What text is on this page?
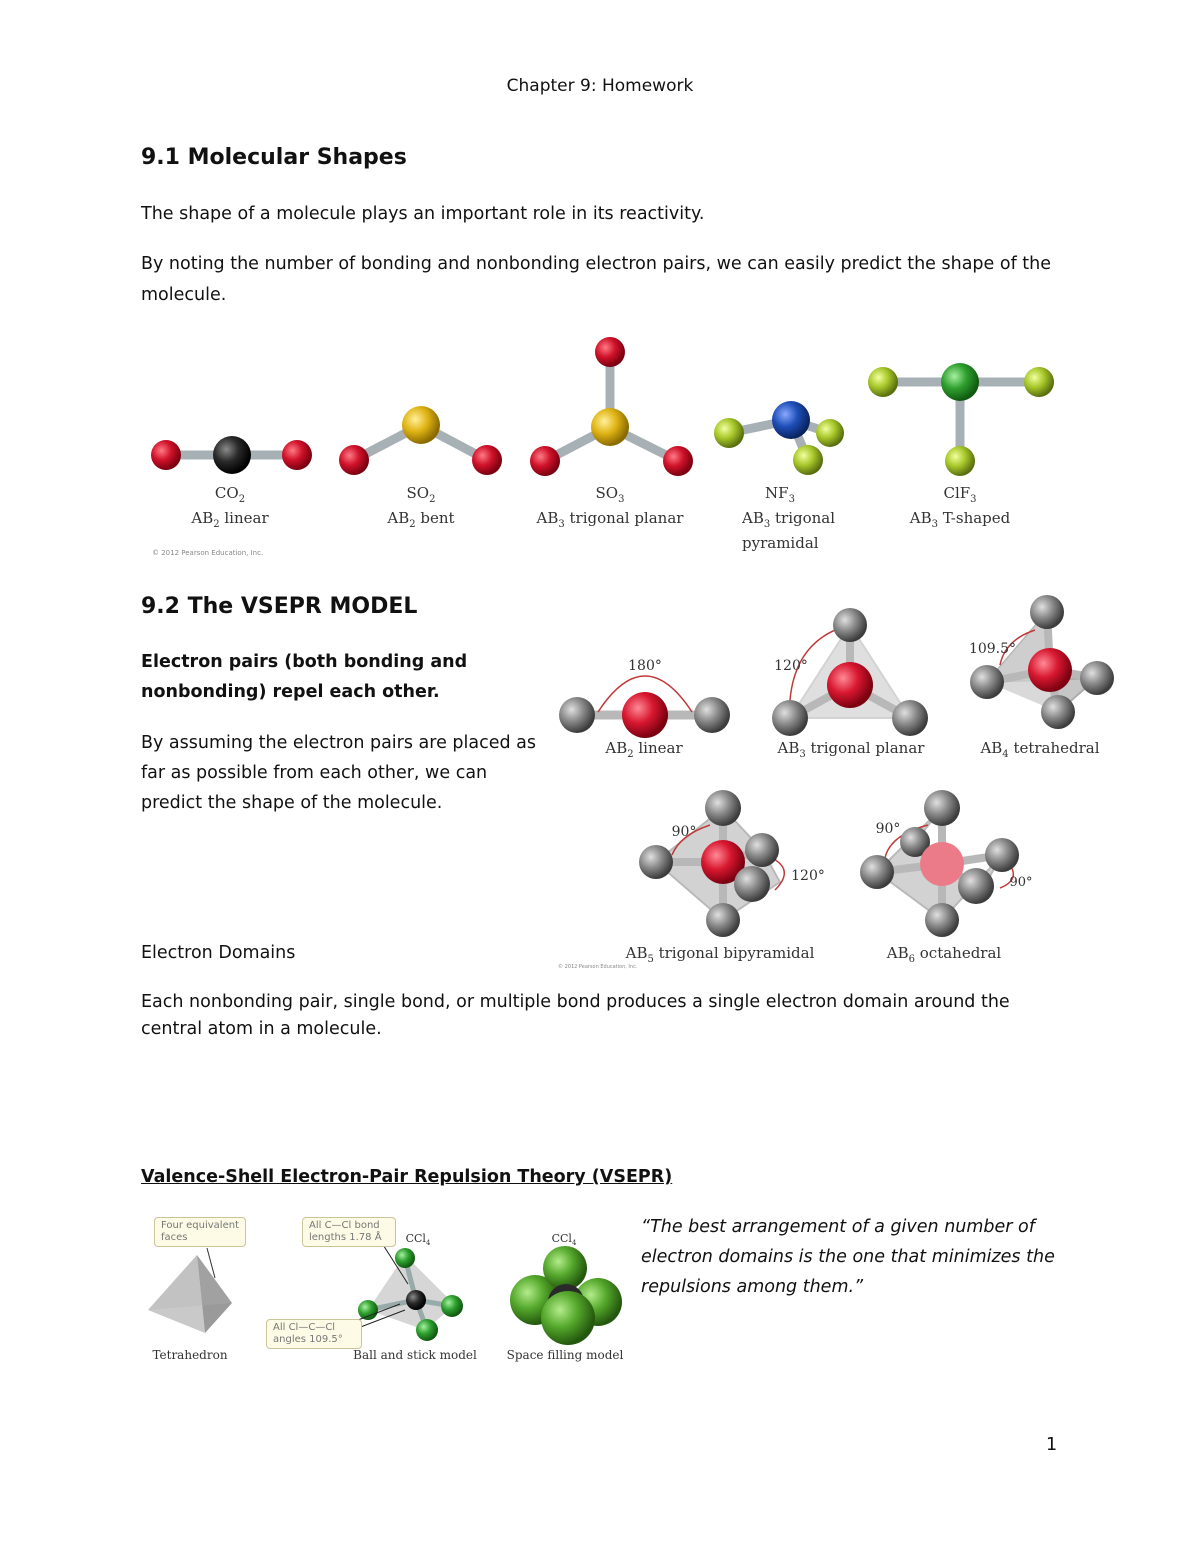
Chapter 9: Homework
9.1 Molecular Shapes
The shape of a molecule plays an important role in its reactivity.
By noting the number of bonding and nonbonding electron pairs, we can easily predict the shape of the
molecule.
$CO_2$
$AB_2$ linear
$SO_2$
$AB_2$ bent
$SO_3$
$AB_3$ trigonal planar
$NF_3$
$AB_3$ trigonal
pyramidal
ClF$_3$
$AB_3$ T-shaped
© 2012 Pearson Education, Inc.
9.2 The VSEPR MODEL
Electron pairs (both bonding and
nonbonding) repel each other.
By assuming the electron pairs are placed as
far as possible from each other, we can
predict the shape of the molecule.
180°	120°
109.5°
90°
120°
90°
90°
$AB_2$ linear	$AB_3$ trigonal planar	$AB_4$ tetrahedral
$AB_5$ trigonal bipyramidal	$AB_6$ octahedral
© 2012 Pearson Education, Inc.
Electron Domains
Each nonbonding pair, single bond, or multiple bond produces a single electron domain around the
central atom in a molecule.
Valence-Shell Electron-Pair Repulsion Theory (VSEPR)
Four equivalent
faces
All C—Cl bond
lengths 1.78 Å
All Cl—C—Cl
angles 109.5°
CCl$_4$	CCl$_4$
Tetrahedron	Ball and stick model	Space filling model
“The best arrangement of a given number of
electron domains is the one that minimizes the
repulsions among them.”
1
